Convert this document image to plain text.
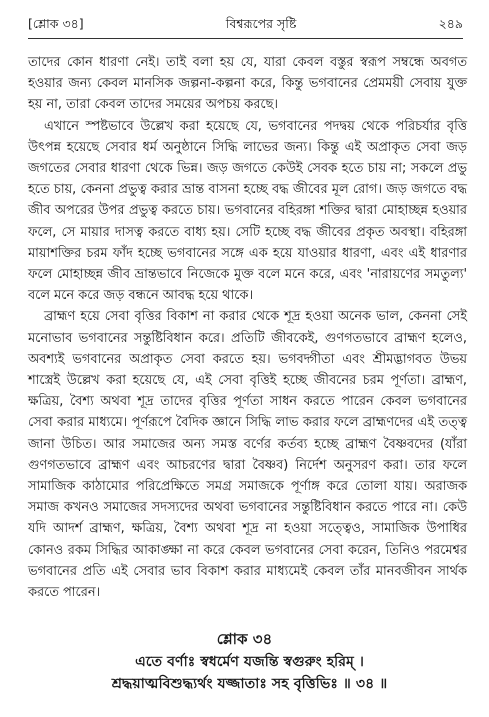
[শ্লোক ৩৪]	বিশ্বরূপের সৃষ্টি	২৪৯

তাদের কোন ধারণা নেই। তাই বলা হয় যে, যারা কেবল বস্তুর স্বরূপ সম্বন্ধে অবগত হওয়ার জন্য কেবল মানসিক জল্পনা-কল্পনা করে, কিন্তু ভগবানের প্রেমময়ী সেবায় যুক্ত হয় না, তারা কেবল তাদের সময়ের অপচয় করছে।

এখানে স্পষ্টভাবে উল্লেখ করা হয়েছে যে, ভগবানের পদদ্বয় থেকে পরিচর্যার বৃত্তি উৎপন্ন হয়েছে সেবার ধর্ম অনুষ্ঠানে সিদ্ধি লাভের জন্য। কিন্তু এই অপ্রাকৃত সেবা জড় জগতের সেবার ধারণা থেকে ভিন্ন। জড় জগতে কেউই সেবক হতে চায় না; সকলে প্রভু হতে চায়, কেননা প্রভুত্ব করার ভ্রান্ত বাসনা হচ্ছে বদ্ধ জীবের মূল রোগ। জড় জগতে বদ্ধ জীব অপরের উপর প্রভুত্ব করতে চায়। ভগবানের বহিরঙ্গা শক্তির দ্বারা মোহাচ্ছন্ন হওয়ার ফলে, সে মায়ার দাসত্ব করতে বাধ্য হয়। সেটি হচ্ছে বদ্ধ জীবের প্রকৃত অবস্থা। বহিরঙ্গা মায়াশক্তির চরম ফাঁদ হচ্ছে ভগবানের সঙ্গে এক হয়ে যাওয়ার ধারণা, এবং এই ধারণার ফলে মোহাচ্ছন্ন জীব ভ্রান্তভাবে নিজেকে মুক্ত বলে মনে করে, এবং 'নারায়ণের সমতুল্য' বলে মনে করে জড় বন্ধনে আবদ্ধ হয়ে থাকে।

ব্রাহ্মণ হয়ে সেবা বৃত্তির বিকাশ না করার থেকে শূদ্র হওয়া অনেক ভাল, কেননা সেই মনোভাব ভগবানের সন্তুষ্টিবিধান করে। প্রতিটি জীবকেই, গুণগতভাবে ব্রাহ্মণ হলেও, অবশ্যই ভগবানের অপ্রাকৃত সেবা করতে হয়। ভগবদ্গীতা এবং শ্রীমদ্ভাগবত উভয় শাস্ত্রেই উল্লেখ করা হয়েছে যে, এই সেবা বৃত্তিই হচ্ছে জীবনের চরম পূর্ণতা। ব্রাহ্মণ, ক্ষত্রিয়, বৈশ্য অথবা শূদ্র তাদের বৃত্তির পূর্ণতা সাধন করতে পারেন কেবল ভগবানের সেবা করার মাধ্যমে। পূর্ণরূপে বৈদিক জ্ঞানে সিদ্ধি লাভ করার ফলে ব্রাহ্মণদের এই তত্ত্ব জানা উচিত। আর সমাজের অন্য সমস্ত বর্ণের কর্তব্য হচ্ছে ব্রাহ্মণ বৈষ্ণবদের (যাঁরা গুণগতভাবে ব্রাহ্মণ এবং আচরণের দ্বারা বৈষ্ণব) নির্দেশ অনুসরণ করা। তার ফলে সামাজিক কাঠামোর পরিপ্রেক্ষিতে সমগ্র সমাজকে পূর্ণাঙ্গ করে তোলা যায়। অরাজক সমাজ কখনও সমাজের সদস্যদের অথবা ভগবানের সন্তুষ্টিবিধান করতে পারে না। কেউ যদি আদর্শ ব্রাহ্মণ, ক্ষত্রিয়, বৈশ্য অথবা শূদ্র না হওয়া সত্ত্বেও, সামাজিক উপাধির কোনও রকম সিদ্ধির আকাঙ্ক্ষা না করে কেবল ভগবানের সেবা করেন, তিনিও পরমেশ্বর ভগবানের প্রতি এই সেবার ভাব বিকাশ করার মাধ্যমেই কেবল তাঁর মানবজীবন সার্থক করতে পারেন।

শ্লোক ৩৪
এতে বর্ণাঃ স্বধর্মেণ যজন্তি স্বগুরুং হরিম্ ।
শ্রদ্ধয়াত্মবিশুদ্ধ্যর্থং যজ্জাতাঃ সহ বৃত্তিভিঃ ॥ ৩৪ ॥
